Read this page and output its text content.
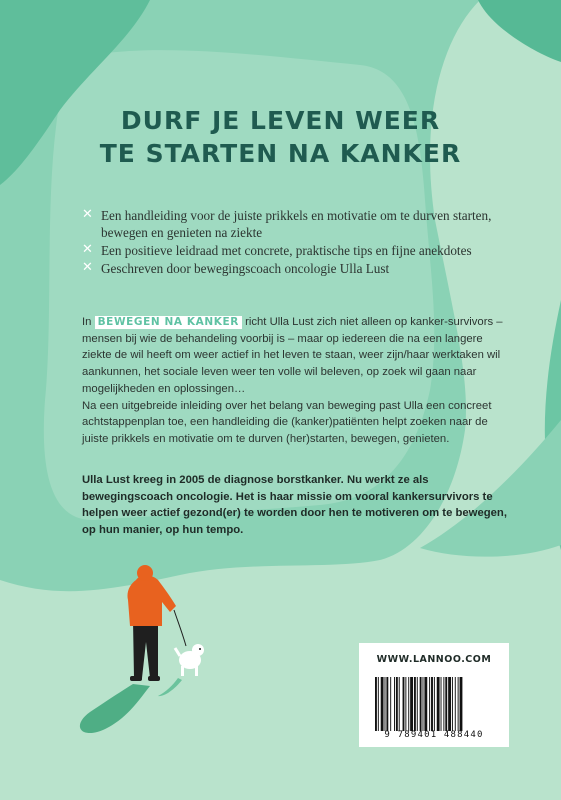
DURF JE LEVEN WEER
TE STARTEN NA KANKER
✕ Een handleiding voor de juiste prikkels en motivatie om te durven starten, bewegen en genieten na ziekte
✕ Een positieve leidraad met concrete, praktische tips en fijne anekdotes
✕ Geschreven door bewegingscoach oncologie Ulla Lust
In BEWEGEN NA KANKER richt Ulla Lust zich niet alleen op kanker-survivors – mensen bij wie de behandeling voorbij is – maar op iedereen die na een langere ziekte de wil heeft om weer actief in het leven te staan, weer zijn/haar werktaken wil aankunnen, het sociale leven weer ten volle wil beleven, op zoek wil gaan naar mogelijkheden en oplossingen…
Na een uitgebreide inleiding over het belang van beweging past Ulla een concreet achtstappenplan toe, een handleiding die (kanker)patiënten helpt zoeken naar de juiste prikkels en motivatie om te durven (her)starten, bewegen, genieten.

Ulla Lust kreeg in 2005 de diagnose borstkanker. Nu werkt ze als bewegingscoach oncologie. Het is haar missie om vooral kankersurvivors te helpen weer actief gezond(er) te worden door hen te motiveren om te bewegen, op hun manier, op hun tempo.

WWW.LANNOO.COM
9 789401 488440
